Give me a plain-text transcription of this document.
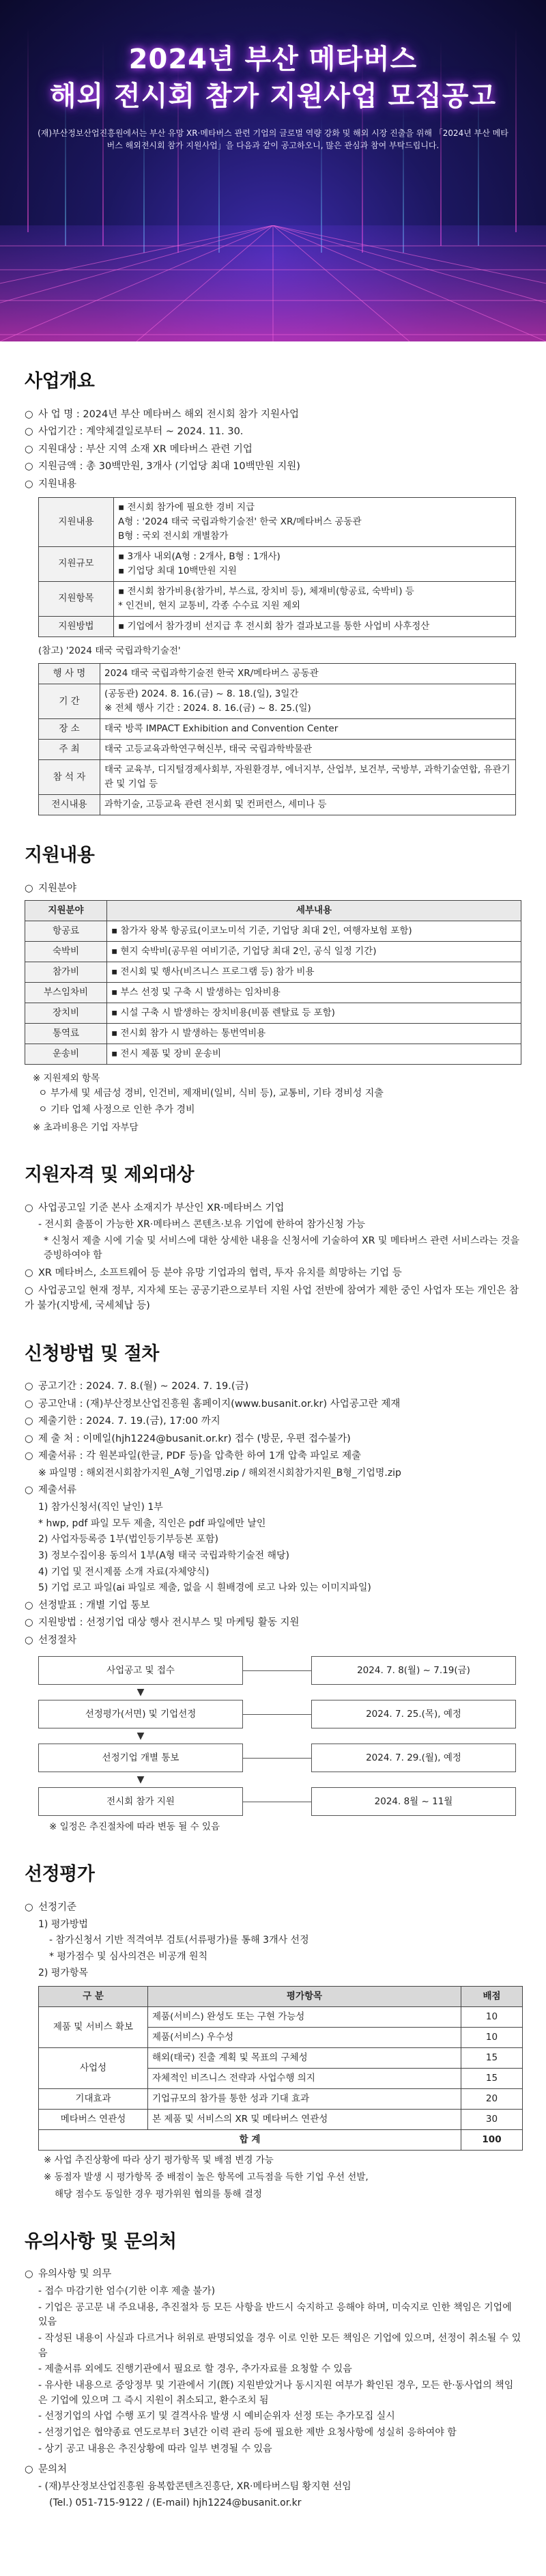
2024년 부산 메타버스
해외 전시회 참가 지원사업 모집공고
(재)부산정보산업진흥원에서는 부산 유망 XR·메타버스 관련 기업의 글로벌 역량 강화 및 해외 시장 진출을 위해 「2024년 부산 메타버스 해외전시회 참가 지원사업」을 다음과 같이 공고하오니, 많은 관심과 참여 부탁드립니다.
사업개요
○ 사 업 명 : 2024년 부산 메타버스 해외 전시회 참가 지원사업
○ 사업기간 : 계약체결일로부터 ~ 2024. 11. 30.
○ 지원대상 : 부산 지역 소재 XR 메타버스 관련 기업
○ 지원금액 : 총 30백만원, 3개사 (기업당 최대 10백만원 지원)
○ 지원내용
지원내용	▪ 전시회 참가에 필요한 경비 지급
A형 : '2024 태국 국립과학기술전' 한국 XR/메타버스 공동관
B형 : 국외 전시회 개별참가

지원규모	▪ 3개사 내외(A형 : 2개사, B형 : 1개사)
▪ 기업당 최대 10백만원 지원

지원항목	▪ 전시회 참가비용(참가비, 부스료, 장치비 등), 체재비(항공료, 숙박비) 등
* 인건비, 현지 교통비, 각종 수수료 지원 제외

지원방법	▪ 기업에서 참가경비 선지급 후 전시회 참가 결과보고를 통한 사업비 사후정산
(참고) '2024 태국 국립과학기술전'
행 사 명	2024 태국 국립과학기술전 한국 XR/메타버스 공동관
기 간	(공동관) 2024. 8. 16.(금) ~ 8. 18.(일), 3일간
※ 전체 행사 기간 : 2024. 8. 16.(금) ~ 8. 25.(일)

장 소	태국 방콕 IMPACT Exhibition and Convention Center
주 최	태국 고등교육과학연구혁신부, 태국 국립과학박물관
참 석 자	태국 교육부, 디지털경제사회부, 자원환경부, 에너지부, 산업부, 보건부, 국방부, 과학기술연합, 유관기관 및 기업 등
전시내용	과학기술, 고등교육 관련 전시회 및 컨퍼런스, 세미나 등
지원내용
○ 지원분야
지원분야	세부내용
항공료	▪ 참가자 왕복 항공료(이코노미석 기준, 기업당 최대 2인, 여행자보험 포함)
숙박비	▪ 현지 숙박비(공무원 여비기준, 기업당 최대 2인, 공식 일정 기간)
참가비	▪ 전시회 및 행사(비즈니스 프로그램 등) 참가 비용
부스임차비	▪ 부스 선정 및 구축 시 발생하는 임차비용
장치비	▪ 시설 구축 시 발생하는 장치비용(비품 렌탈료 등 포함)
통역료	▪ 전시회 참가 시 발생하는 통번역비용
운송비	▪ 전시 제품 및 장비 운송비
※ 지원제외 항목
ㅇ 부가세 및 세금성 경비, 인건비, 제재비(일비, 식비 등), 교통비, 기타 경비성 지출
ㅇ 기타 업체 사정으로 인한 추가 경비
※ 초과비용은 기업 자부담
지원자격 및 제외대상
○ 사업공고일 기준 본사 소재지가 부산인 XR·메타버스 기업
- 전시회 출품이 가능한 XR·메타버스 콘텐츠·보유 기업에 한하여 참가신청 가능
* 신청서 제출 시에 기술 및 서비스에 대한 상세한 내용을 신청서에 기술하여 XR 및 메타버스 관련 서비스라는 것을 증빙하여야 함
○ XR 메타버스, 소프트웨어 등 분야 유망 기업과의 협력, 투자 유치를 희망하는 기업 등
○ 사업공고일 현재 정부, 지자체 또는 공공기관으로부터 지원 사업 전반에 참여가 제한 중인 사업자 또는 개인은 참가 불가(지방세, 국세체납 등)
신청방법 및 절차
○ 공고기간 : 2024. 7. 8.(월) ~ 2024. 7. 19.(금)
○ 공고안내 : (재)부산정보산업진흥원 홈페이지(www.busanit.or.kr) 사업공고란 제재
○ 제출기한 : 2024. 7. 19.(금), 17:00 까지
○ 제 출 처 : 이메일(hjh1224@busanit.or.kr) 접수 (방문, 우편 접수불가)
○ 제출서류 : 각 원본파일(한글, PDF 등)을 압축한 하여 1개 압축 파일로 제출
※ 파일명 : 해외전시회참가지원_A형_기업명.zip / 해외전시회참가지원_B형_기업명.zip
○ 제출서류
1) 참가신청서(직인 날인) 1부
* hwp, pdf 파일 모두 제출, 직인은 pdf 파일에만 날인
2) 사업자등록증 1부(법인등기부등본 포함)
3) 정보수집이용 동의서 1부(A형 태국 국립과학기술전 해당)
4) 기업 및 전시제품 소개 자료(자체양식)
5) 기업 로고 파일(ai 파일로 제출, 없을 시 흰배경에 로고 나와 있는 이미지파일)
○ 선정발표 : 개별 기업 통보
○ 지원방법 : 선정기업 대상 행사 전시부스 및 마케팅 활동 지원
○ 선정절차
사업공고 및 접수	2024. 7. 8(월) ~ 7.19(금)
▼
선정평가(서면) 및 기업선정	2024. 7. 25.(목), 예정
▼
선정기업 개별 통보	2024. 7. 29.(월), 예정
▼
전시회 참가 지원	2024. 8월 ~ 11월
※ 일정은 추진절차에 따라 변동 될 수 있음
선정평가
○ 선정기준
1) 평가방법
- 참가신청서 기반 적격여부 검토(서류평가)를 통해 3개사 선정
* 평가점수 및 심사의견은 비공개 원칙
2) 평가항목
구 분	평가항목	배점
제품 및 서비스 확보	제품(서비스) 완성도 또는 구현 가능성	10
	제품(서비스) 우수성	10
사업성	해외(태국) 진출 계획 및 목표의 구체성	15
	자체적인 비즈니스 전략과 사업수행 의지	15
기대효과	기업규모의 참가를 통한 성과 기대 효과	20
메타버스 연관성	본 제품 및 서비스의 XR 및 메타버스 연관성	30
합 계		100
※ 사업 추진상황에 따라 상기 평가항목 및 배점 변경 가능
※ 동점자 발생 시 평가항목 중 배점이 높은 항목에 고득점을 득한 기업 우선 선발,
해당 점수도 동일한 경우 평가위원 협의를 통해 결정
유의사항 및 문의처
○ 유의사항 및 의무
- 접수 마감기한 엄수(기한 이후 제출 불가)
- 기업은 공고문 내 주요내용, 추진절차 등 모든 사항을 반드시 숙지하고 응해야 하며, 미숙지로 인한 책임은 기업에 있음
- 작성된 내용이 사실과 다르거나 허위로 판명되었을 경우 이로 인한 모든 책임은 기업에 있으며, 선정이 취소될 수 있음
- 제출서류 외에도 진행기관에서 필요로 할 경우, 추가자료를 요청할 수 있음
- 유사한 내용으로 중앙정부 및 기관에서 기(旣) 지원받았거나 동시지원 여부가 확인된 경우, 모든 한·동사업의 책임은 기업에 있으며 그 즉시 지원이 취소되고, 환수조치 됨
- 선정기업의 사업 수행 포기 및 결격사유 발생 시 예비순위자 선정 또는 추가모집 실시
- 선정기업은 협약종료 연도로부터 3년간 이력 관리 등에 필요한 제반 요청사항에 성실히 응하여야 함
- 상기 공고 내용은 추진상황에 따라 일부 변경될 수 있음
○ 문의처
- (재)부산정보산업진흥원 융복합콘텐츠진흥단, XR·메타버스팀 황지현 선임
(Tel.) 051-715-9122 / (E-mail) hjh1224@busanit.or.kr
